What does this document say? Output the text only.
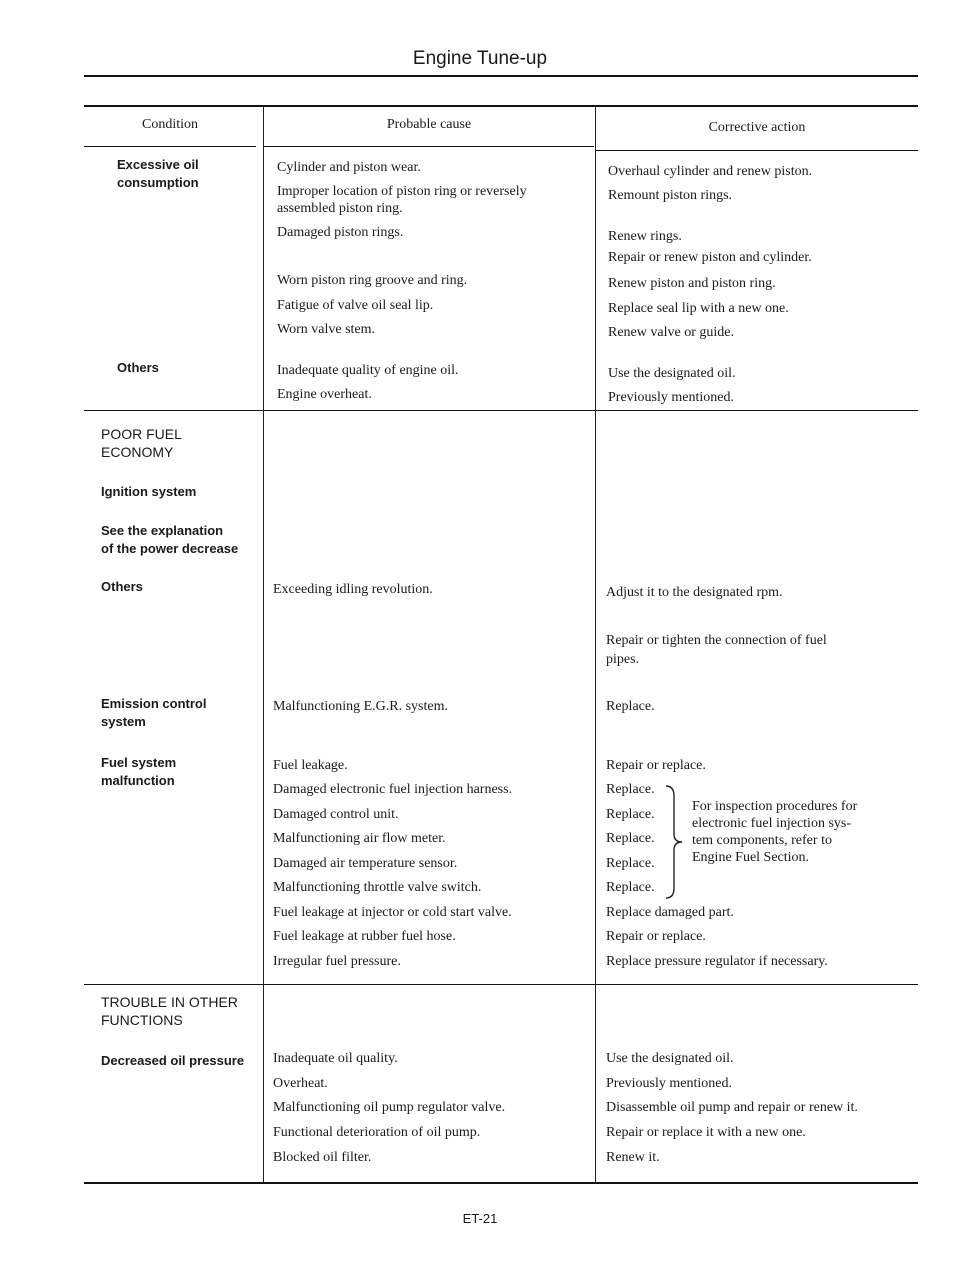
Engine Tune-up
Condition	Probable cause	Corrective action
Excessive oil
consumption
Others
POOR FUEL
ECONOMY
Ignition system
See the explanation
of the power decrease
Others
Emission control
system
Fuel system
malfunction
TROUBLE IN OTHER
FUNCTIONS
Decreased oil pressure
Cylinder and piston wear.
Improper location of piston ring or reversely
assembled piston ring.
Damaged piston rings.
Worn piston ring groove and ring.
Fatigue of valve oil seal lip.
Worn valve stem.
Inadequate quality of engine oil.
Engine overheat.
Exceeding idling revolution.
Malfunctioning E.G.R. system.
Fuel leakage.
Damaged electronic fuel injection harness.
Damaged control unit.
Malfunctioning air flow meter.
Damaged air temperature sensor.
Malfunctioning throttle valve switch.
Fuel leakage at injector or cold start valve.
Fuel leakage at rubber fuel hose.
Irregular fuel pressure.
Inadequate oil quality.
Overheat.
Malfunctioning oil pump regulator valve.
Functional deterioration of oil pump.
Blocked oil filter.
Overhaul cylinder and renew piston.
Remount piston rings.
Renew rings.
Repair or renew piston and cylinder.
Renew piston and piston ring.
Replace seal lip with a new one.
Renew valve or guide.
Use the designated oil.
Previously mentioned.
Adjust it to the designated rpm.
Repair or tighten the connection of fuel
pipes.
Replace.
Repair or replace.
Replace.
Replace.
Replace.
Replace.
Replace.
Replace damaged part.
Repair or replace.
Replace pressure regulator if necessary.
Use the designated oil.
Previously mentioned.
Disassemble oil pump and repair or renew it.
Repair or replace it with a new one.
Renew it.
For inspection procedures for
electronic fuel injection sys-
tem components, refer to
Engine Fuel Section.
ET-21
